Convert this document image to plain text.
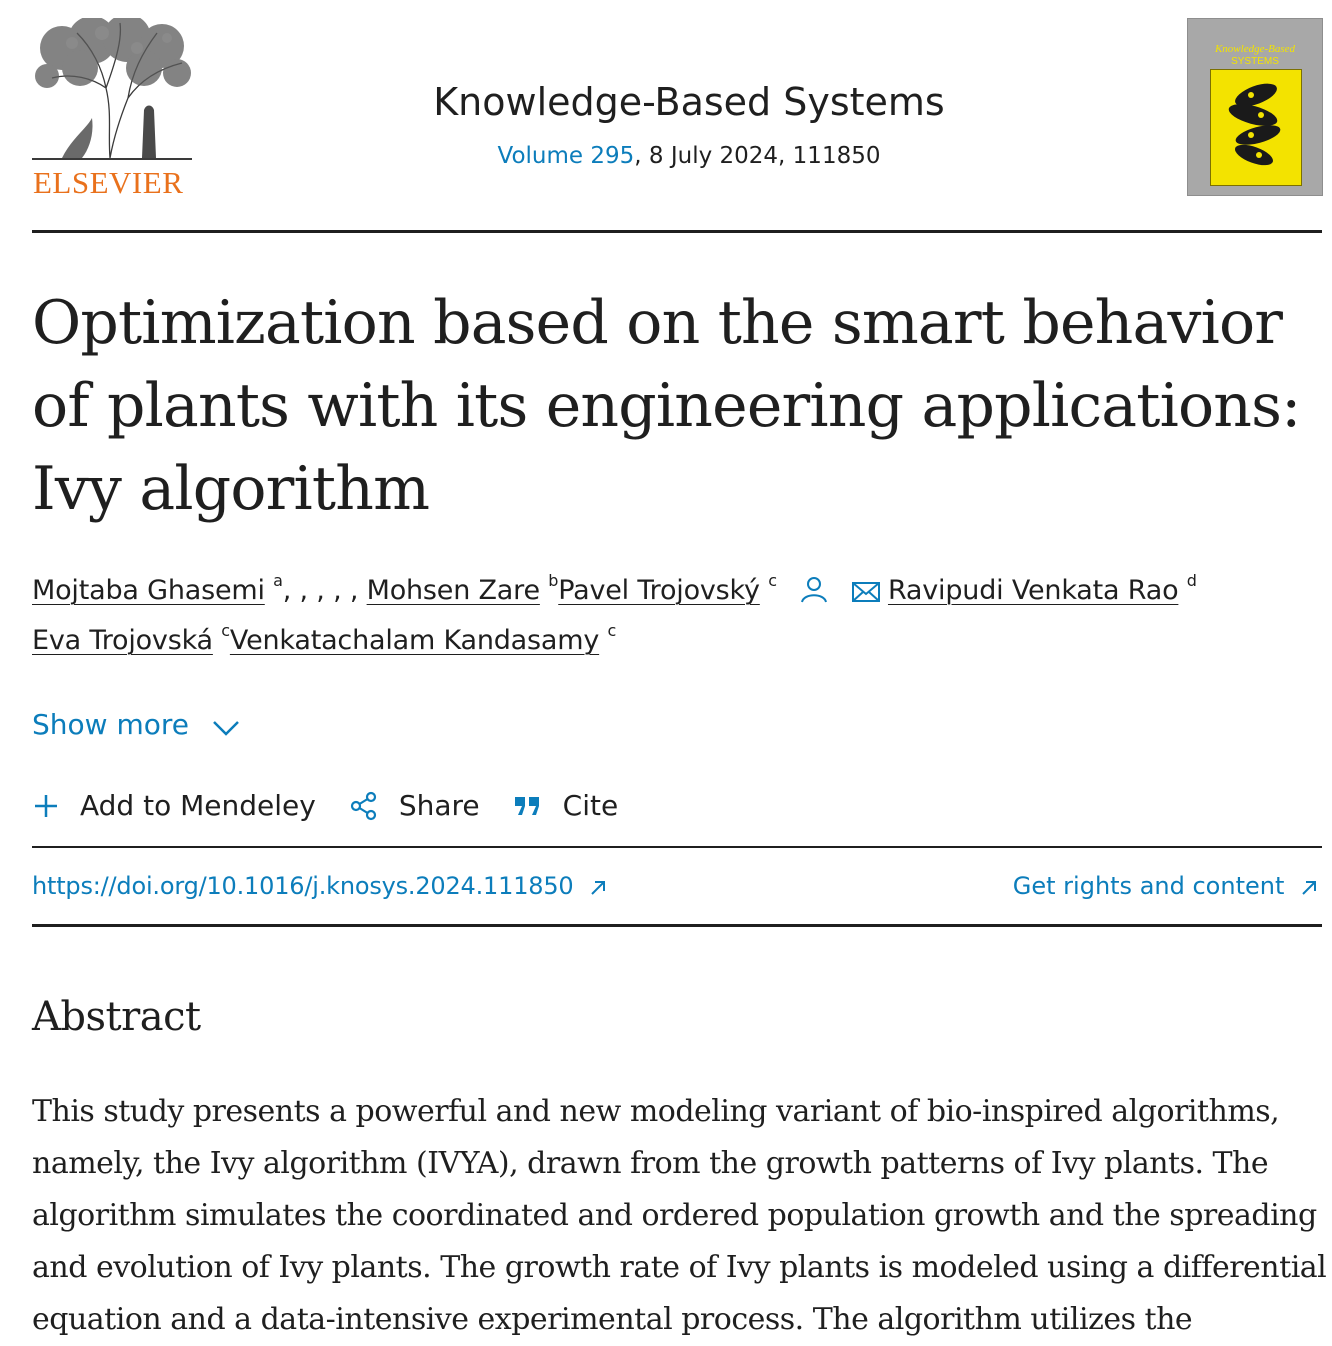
ELSEVIER
Knowledge-Based Systems
Volume 295, 8 July 2024, 111850
Knowledge-Based
SYSTEMS
Optimization based on the smart behavior of plants with its engineering applications: Ivy algorithm
Mojtaba Ghasemi $^a$, , , , , Mohsen Zare $^b$Pavel Trojovský $^c$	Ravipudi Venkata Rao $^d$
Eva Trojovská $^c$Venkatachalam Kandasamy $^c$
Show more
Add to Mendeley	Share	Cite
https://doi.org/10.1016/j.knosys.2024.111850	Get rights and content
Abstract

This study presents a powerful and new modeling variant of bio-inspired algorithms, namely, the Ivy algorithm (IVYA), drawn from the growth patterns of Ivy plants. The algorithm simulates the coordinated and ordered population growth and the spreading and evolution of Ivy plants. The growth rate of Ivy plants is modeled using a differential equation and a data-intensive experimental process. The algorithm utilizes the
